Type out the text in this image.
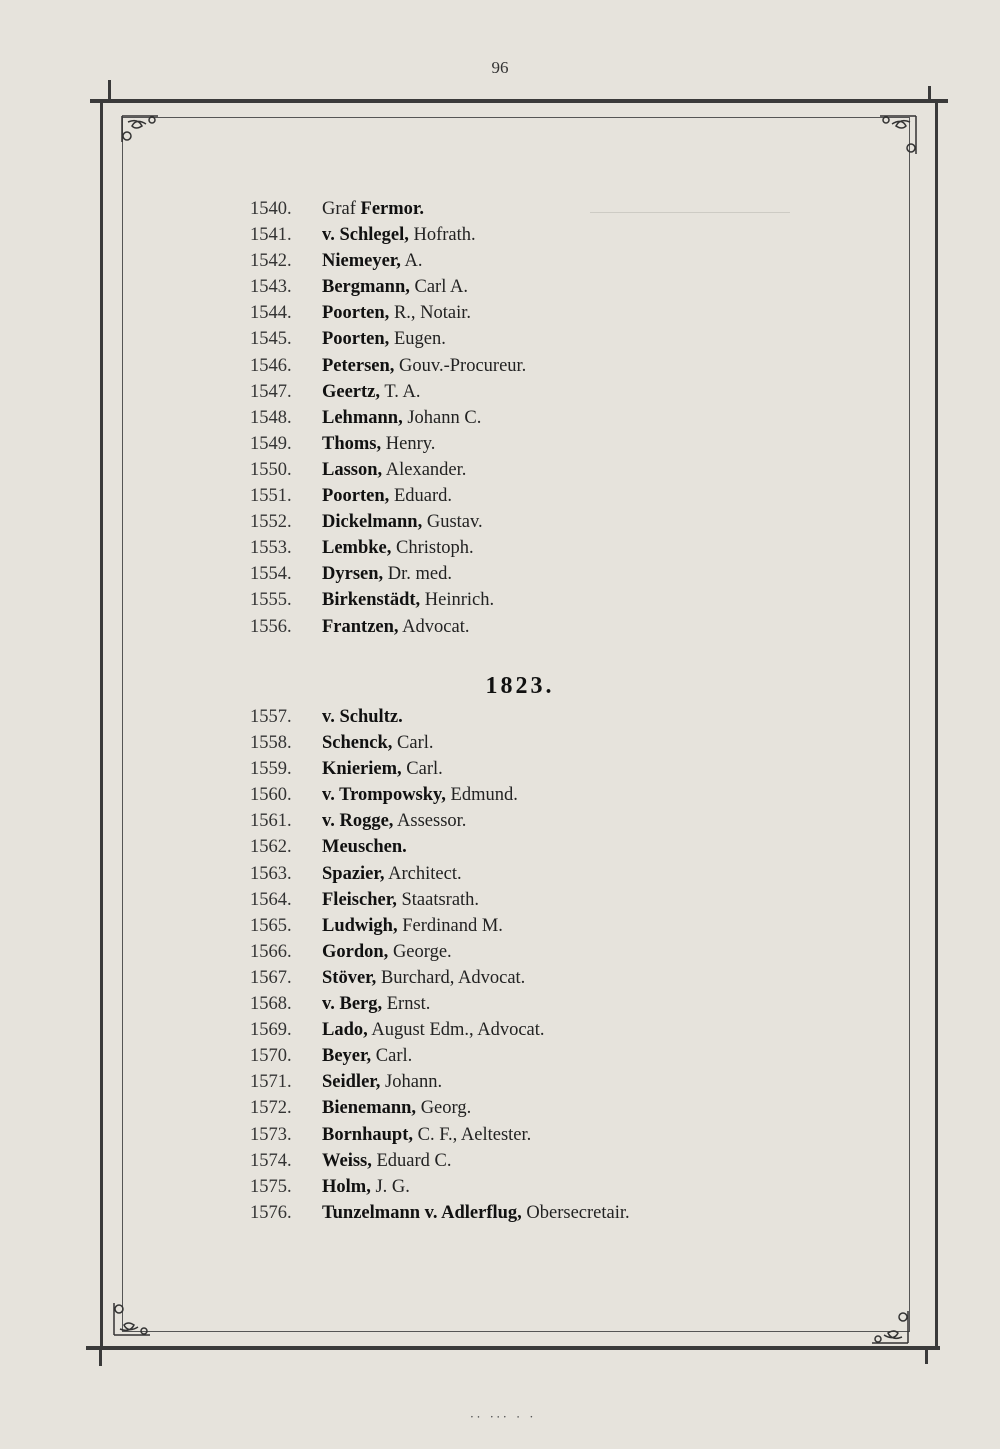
96
1540. Graf Fermor.
1541. v. Schlegel, Hofrath.
1542. Niemeyer, A.
1543. Bergmann, Carl A.
1544. Poorten, R., Notair.
1545. Poorten, Eugen.
1546. Petersen, Gouv.-Procureur.
1547. Geertz, T. A.
1548. Lehmann, Johann C.
1549. Thoms, Henry.
1550. Lasson, Alexander.
1551. Poorten, Eduard.
1552. Dickelmann, Gustav.
1553. Lembke, Christoph.
1554. Dyrsen, Dr. med.
1555. Birkenstädt, Heinrich.
1556. Frantzen, Advocat.
1823.
1557. v. Schultz.
1558. Schenck, Carl.
1559. Knieriem, Carl.
1560. v. Trompowsky, Edmund.
1561. v. Rogge, Assessor.
1562. Meuschen.
1563. Spazier, Architect.
1564. Fleischer, Staatsrath.
1565. Ludwigh, Ferdinand M.
1566. Gordon, George.
1567. Stöver, Burchard, Advocat.
1568. v. Berg, Ernst.
1569. Lado, August Edm., Advocat.
1570. Beyer, Carl.
1571. Seidler, Johann.
1572. Bienemann, Georg.
1573. Bornhaupt, C. F., Aeltester.
1574. Weiss, Eduard C.
1575. Holm, J. G.
1576. Tunzelmann v. Adlerflug, Obersecretair.
·⸱ ·⸱· ⸱ ·
